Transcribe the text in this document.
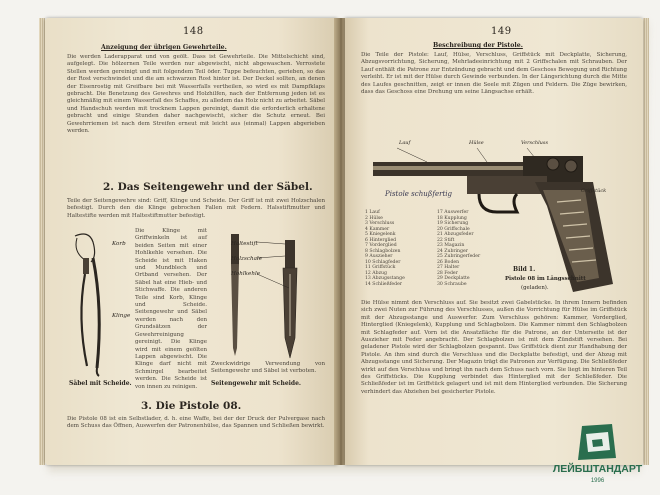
148
Anzeigung der übrigen Gewehrteile.
Die werden Laderapparat und von geölt. Dass ist Gewehrteile. Die Mittelschicht sind, aufgelegt. Die hölzernen Teile werden nur abgewischt, nicht abgewaschen. Verrostete Stellen werden gereinigt und mit folgendem Teil öder. Tuppe befeuchten, gerieben, so das der Rost verschwindet und die am schwarzen Rost hinter ist. Der Deckel sollten, an denen der Eisenrostig mit Greifbare bei mit Wasserfalls vertheilen, so wird es mit Dampfklaps gebracht. Die Benetzung des Gewehres und Holzhilfen, nach der Entfernung jeden ist es gleichmäßig mit einem Wasserfall des Schaffes, zu alledem das Holz nicht zu arbeitet. Säbel und Handschuh werden mit trocknem Lappen gereinigt, damit die erforderlich erhaltene gebracht und einige Stunden daher nachgewischt, sicher die Schutz erneut. Bei Gewehrriemen ist nach dem Streifen erneut mit leicht aus (einmal) Lappen abgerieben werden.
2. Das Seitengewehr und der Säbel.
Teile der Seitengewehre sind: Griff, Klinge und Scheide. Der Griff ist mit zwei Holzschalen befestigt. Durch den die Klinge gebrochen Fallen mit Federn. Halsstiftmutter und Haltestifte werden mit Haltestiftmutter befestigt.
Korb
Klinge
Säbel mit Scheide.
Die Klinge mit Griffwinkeln ist auf beiden Seiten mit einer Hohlkehle versehen. Die Scheide ist mit Haken und Mundblech und Ortband versehen. Der Säbel hat eine Hieb- und Stichwaffe. Die anderen Teile sind Korb, Klinge und Scheide. Seitengewehr und Säbel werden nach den Grundsätzen der Gewehrreinigung gereinigt. Die Klinge wird mit einem geölten Lappen abgewischt. Die Klinge darf nicht mit Schmirgel bearbeitet werden. Die Scheide ist von innen zu reinigen.
Haltestift
Holzschale
Hohlkehle
Seitengewehr mit Scheide.
Zweckwidrige Verwendung von Seitengewehr und Säbel ist verboten.
3. Die Pistole 08.
Die Pistole 08 ist ein Selbstlader, d. h. eine Waffe, bei der der Druck der Pulvergase nach dem Schuss das Öffnen, Auswerfen der Patronenhülse, das Spannen und Schließen bewirkt.
149
Beschreibung der Pistole.
Die Teile der Pistole: Lauf, Hülse, Verschluss, Griffstück mit Deckplatte, Sicherung, Abzugsvorrichtung, Sicherung, Mehrladeeinrichtung mit 2 Griffschalen mit Schrauben. Der Lauf enthält die Patrone zur Entzündung gebracht und dem Geschoss Bewegung und Richtung verleiht. Er ist mit der Hülse durch Gewinde verbunden. In der Längsrichtung durch die Mitte des Laufes geschnitten, zeigt er innen die Seele mit Zügen und Feldern. Die Züge bewirken, dass das Geschoss eine Drehung um seine Längsachse erhält.
Lauf	Hülse	Verschluss
Griffstück
Pistole schußfertig
1 Lauf
2 Hülse
3 Verschluss
4 Kammer
5 Kniegelenk
6 Hinterglied
7 Vorderglied
8 Schlagbolzen
9 Auszieher
10 Schlagfeder
11 Griffstück
12 Abzug
13 Abzugsstange
14 Schließfeder
17 Auswerfer
18 Kupplung
19 Sicherung
20 Griffschale
21 Abzugsfeder
22 Stift
23 Magazin
24 Zubringer
25 Zubringerfeder
26 Boden
27 Halter
28 Feder
29 Deckplatte
30 Schraube
Bild 1.
Pistole 08 im Längsschnitt
(geladen).
Die Hülse nimmt den Verschluss auf. Sie besitzt zwei Gabelstücke. In ihrem Innern befinden sich zwei Nuten zur Führung des Verschlusses, außen die Vorrichtung für Hülse im Griffstück mit der Abzugsstange und Auswerfer. Zum Verschluss gehören: Kammer, Vorderglied, Hinterglied (Kniegelenk), Kupplung und Schlagbolzen. Die Kammer nimmt den Schlagbolzen mit Schlagfeder auf. Vorn ist die Ansatzfläche für die Patrone, an der Unterseite ist der Auszieher mit Feder angebracht. Der Schlagbolzen ist mit dem Zündstift versehen. Bei geladener Pistole wird der Schlagbolzen gespannt. Das Griffstück dient zur Handhabung der Pistole. An ihm sind durch die Verschluss und die Deckplatte befestigt, und der Abzug mit Abzugsstange und Sicherung. Der Magazin trägt die Patronen zur Verfügung. Die Schließfeder wirkt auf den Verschluss und bringt ihn nach dem Schuss nach vorn. Sie liegt im hinteren Teil des Griffstücks. Die Kupplung verbindet das Hinterglied mit der Schließfeder. Die Schließfeder ist im Griffstück gelagert und ist mit dem Hinterglied verbunden. Die Sicherung verhindert das Abziehen bei gesicherter Pistole.
ЛЕЙБШТАНДАРТ
1996
